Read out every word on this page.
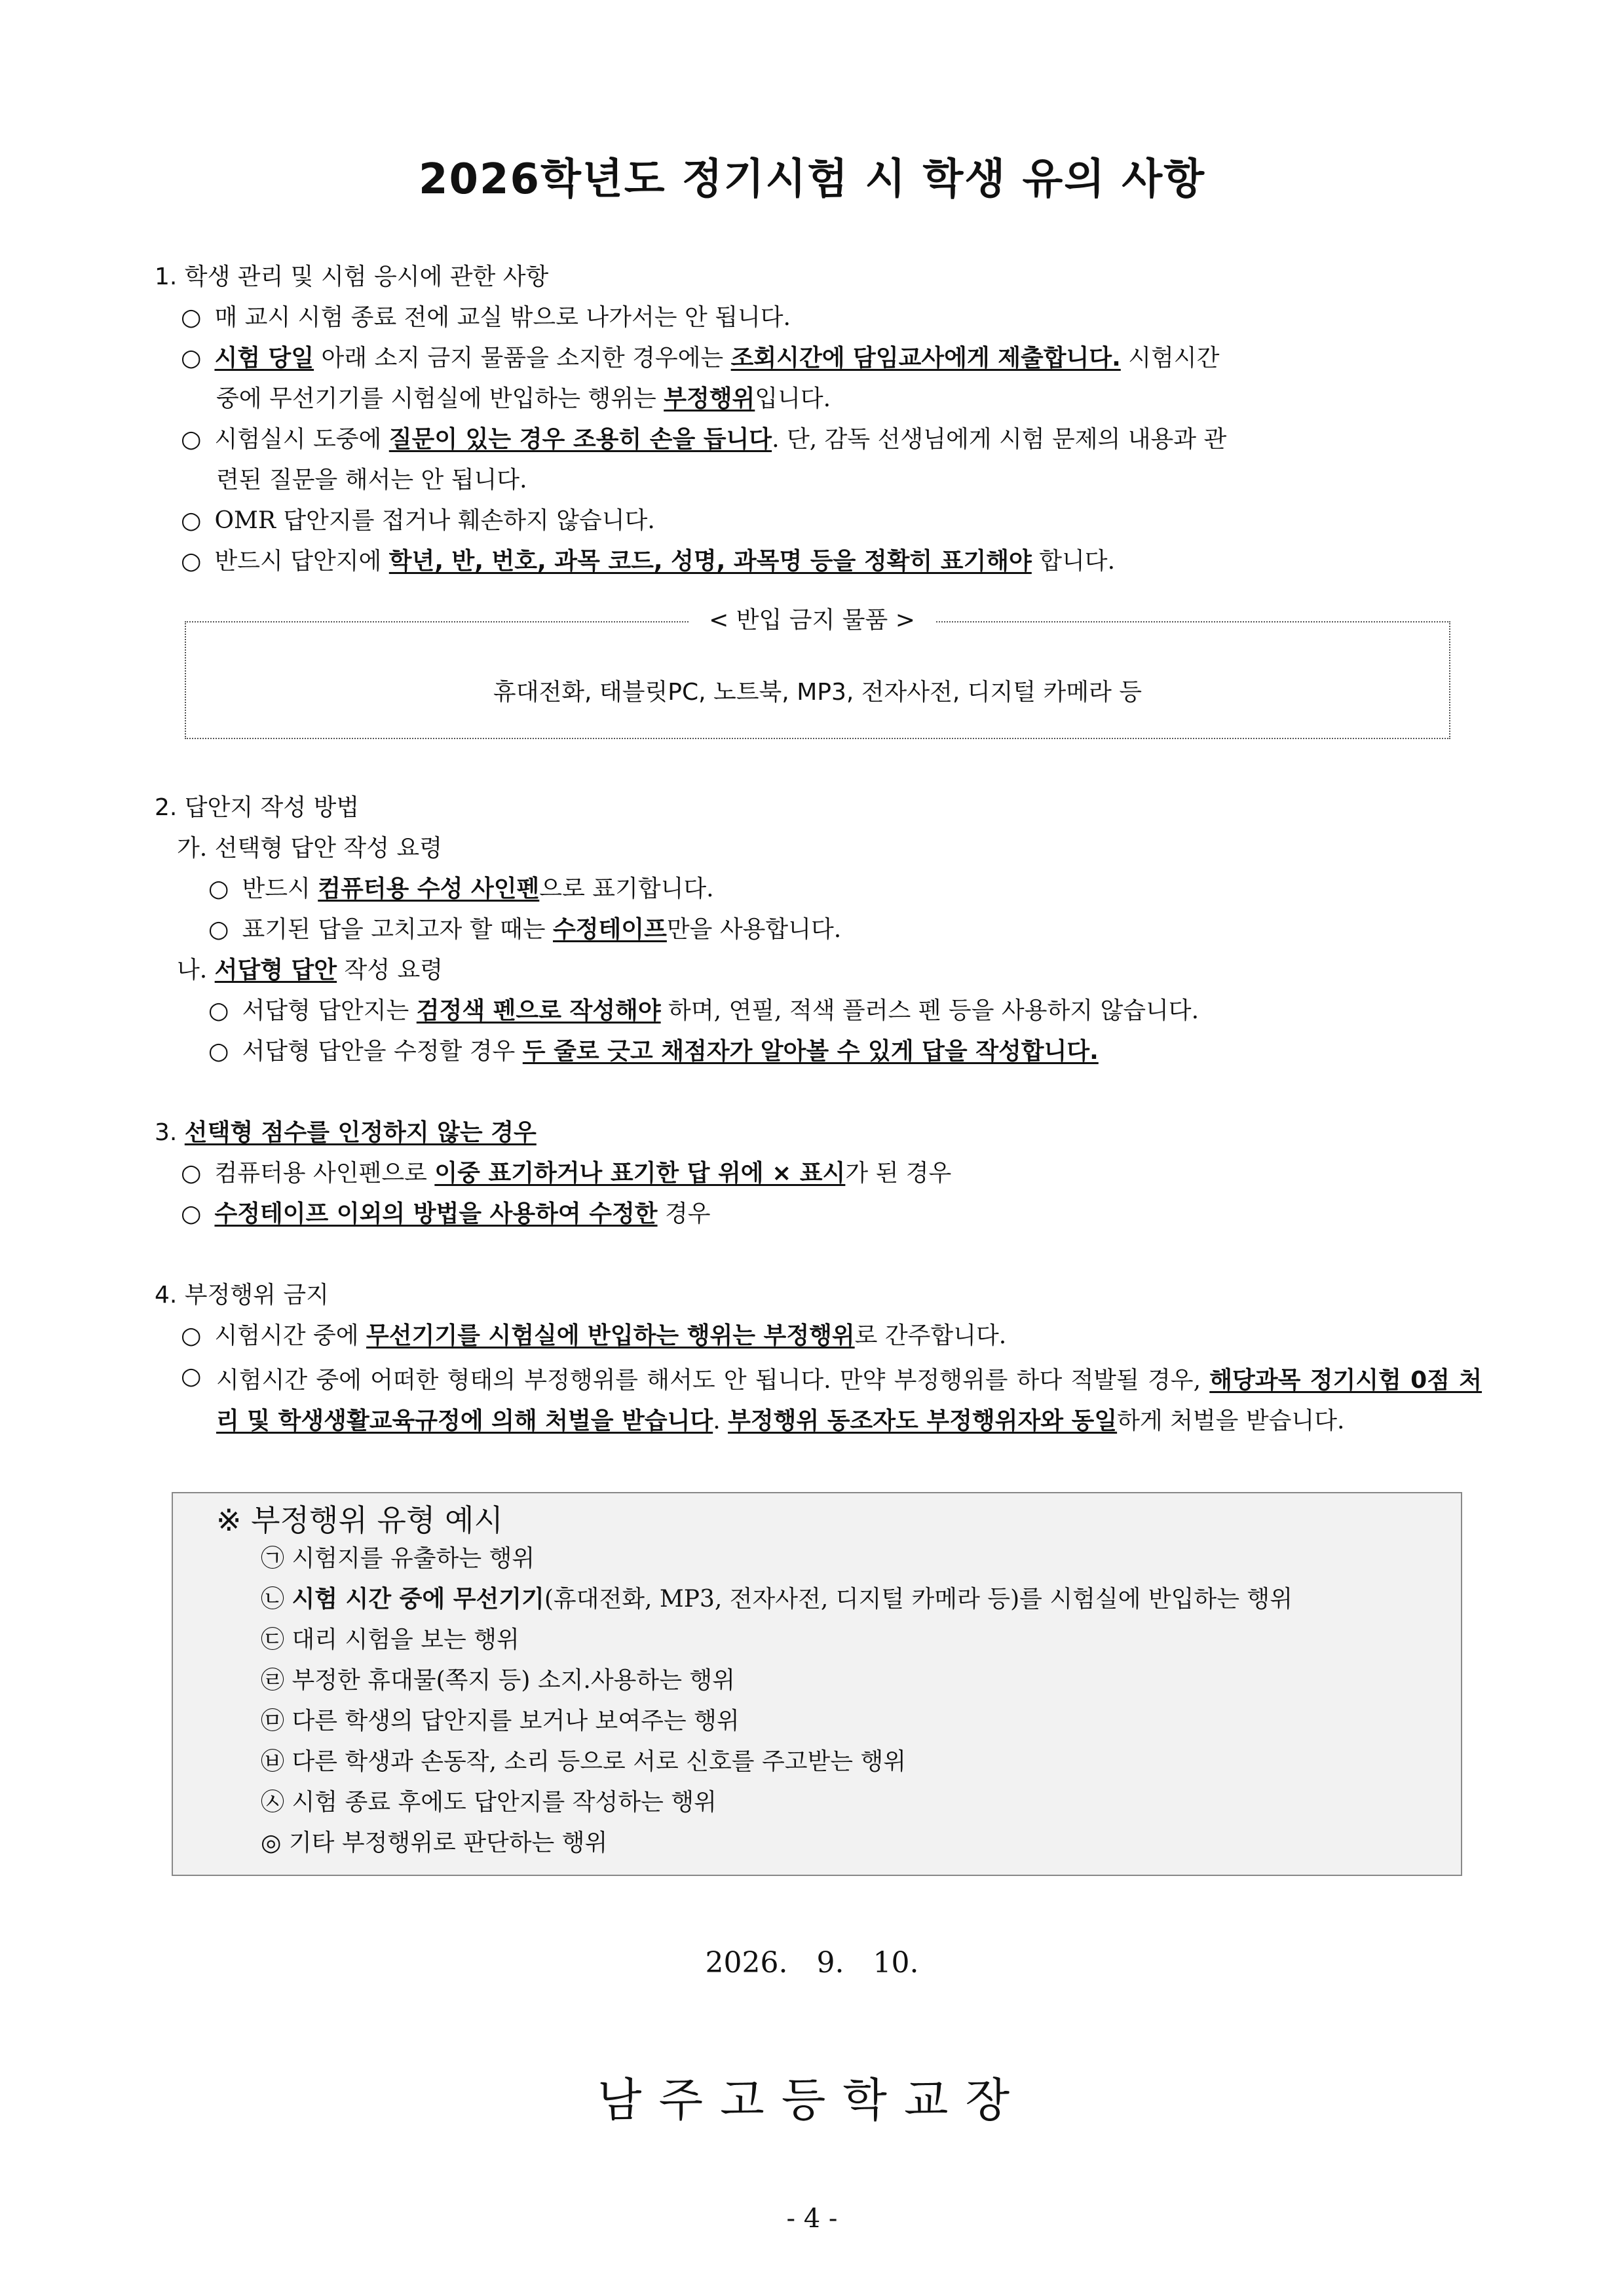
2026학년도 정기시험 시 학생 유의 사항
1. 학생 관리 및 시험 응시에 관한 사항
○ 매 교시 시험 종료 전에 교실 밖으로 나가서는 안 됩니다.
○ 시험 당일 아래 소지 금지 물품을 소지한 경우에는 조회시간에 담임교사에게 제출합니다. 시험시간
중에 무선기기를 시험실에 반입하는 행위는 부정행위입니다.
○ 시험실시 도중에 질문이 있는 경우 조용히 손을 듭니다. 단, 감독 선생님에게 시험 문제의 내용과 관
련된 질문을 해서는 안 됩니다.
○ OMR 답안지를 접거나 훼손하지 않습니다.
○ 반드시 답안지에 학년, 반, 번호, 과목 코드, 성명, 과목명 등을 정확히 표기해야 합니다.
< 반입 금지 물품 >
휴대전화, 태블릿PC, 노트북, MP3, 전자사전, 디지털 카메라 등
2. 답안지 작성 방법
가. 선택형 답안 작성 요령
○ 반드시 컴퓨터용 수성 사인펜으로 표기합니다.
○ 표기된 답을 고치고자 할 때는 수정테이프만을 사용합니다.
나. 서답형 답안 작성 요령
○ 서답형 답안지는 검정색 펜으로 작성해야 하며, 연필, 적색 플러스 펜 등을 사용하지 않습니다.
○ 서답형 답안을 수정할 경우 두 줄로 긋고 채점자가 알아볼 수 있게 답을 작성합니다.
3. 선택형 점수를 인정하지 않는 경우
○ 컴퓨터용 사인펜으로 이중 표기하거나 표기한 답 위에 × 표시가 된 경우
○ 수정테이프 이외의 방법을 사용하여 수정한 경우
4. 부정행위 금지
○ 시험시간 중에 무선기기를 시험실에 반입하는 행위는 부정행위로 간주합니다.
○ 시험시간 중에 어떠한 형태의 부정행위를 해서도 안 됩니다. 만약 부정행위를 하다 적발될 경우, 해당과목 정기시험 0점 처리 및 학생생활교육규정에 의해 처벌을 받습니다. 부정행위 동조자도 부정행위자와 동일하게 처벌을 받습니다.
※ 부정행위 유형 예시
㉠ 시험지를 유출하는 행위
㉡ 시험 시간 중에 무선기기(휴대전화, MP3, 전자사전, 디지털 카메라 등)를 시험실에 반입하는 행위
㉢ 대리 시험을 보는 행위
㉣ 부정한 휴대물(쪽지 등) 소지.사용하는 행위
㉤ 다른 학생의 답안지를 보거나 보여주는 행위
㉥ 다른 학생과 손동작, 소리 등으로 서로 신호를 주고받는 행위
㉦ 시험 종료 후에도 답안지를 작성하는 행위
◎ 기타 부정행위로 판단하는 행위
2026. 9. 10.
남주고등학교장
- 4 -
